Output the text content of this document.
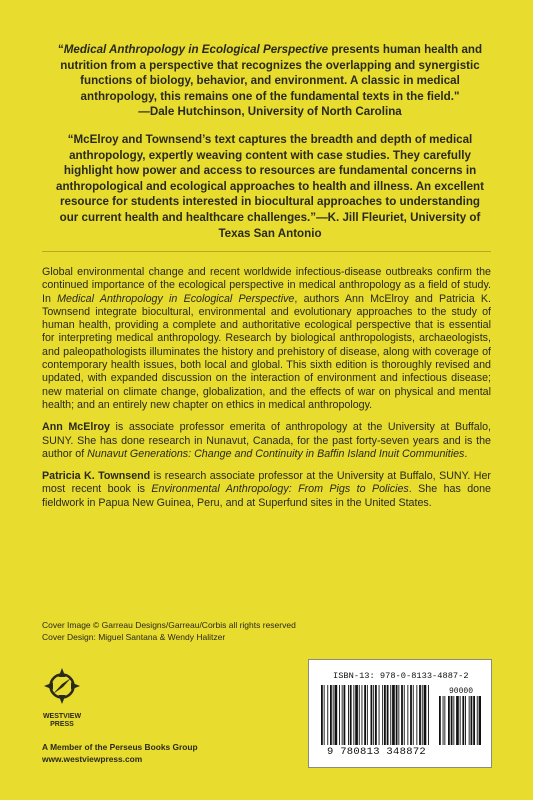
“Medical Anthropology in Ecological Perspective presents human health and nutrition from a perspective that recognizes the overlapping and synergistic functions of biology, behavior, and environment. A classic in medical anthropology, this remains one of the fundamental texts in the field."
—Dale Hutchinson, University of North Carolina

“McElroy and Townsend’s text captures the breadth and depth of medical anthropology, expertly weaving content with case studies. They carefully highlight how power and access to resources are fundamental concerns in anthropological and ecological approaches to health and illness. An excellent resource for students interested in biocultural approaches to understanding our current health and healthcare challenges.”—K. Jill Fleuriet, University of Texas San Antonio

Global environmental change and recent worldwide infectious-disease outbreaks confirm the continued importance of the ecological perspective in medical anthropology as a field of study. In Medical Anthropology in Ecological Perspective, authors Ann McElroy and Patricia K. Townsend integrate biocultural, environmental and evolutionary approaches to the study of human health, providing a complete and authoritative ecological perspective that is essential for interpreting medical anthropology. Research by biological anthropologists, archaeologists, and paleopathologists illuminates the history and prehistory of disease, along with coverage of contemporary health issues, both local and global. This sixth edition is thoroughly revised and updated, with expanded discussion on the interaction of environment and infectious disease; new material on climate change, globalization, and the effects of war on physical and mental health; and an entirely new chapter on ethics in medical anthropology.

Ann McElroy is associate professor emerita of anthropology at the University at Buffalo, SUNY. She has done research in Nunavut, Canada, for the past forty-seven years and is the author of Nunavut Generations: Change and Continuity in Baffin Island Inuit Communities.

Patricia K. Townsend is research associate professor at the University at Buffalo, SUNY. Her most recent book is Environmental Anthropology: From Pigs to Policies. She has done fieldwork in Papua New Guinea, Peru, and at Superfund sites in the United States.

Cover Image © Garreau Designs/Garreau/Corbis all rights reserved
Cover Design: Miguel Santana & Wendy Halitzer
WESTVIEW
PRESS
A Member of the Perseus Books Group
www.westviewpress.com
ISBN-13: 978-0-8133-4887-2
90000
9 780813 348872
